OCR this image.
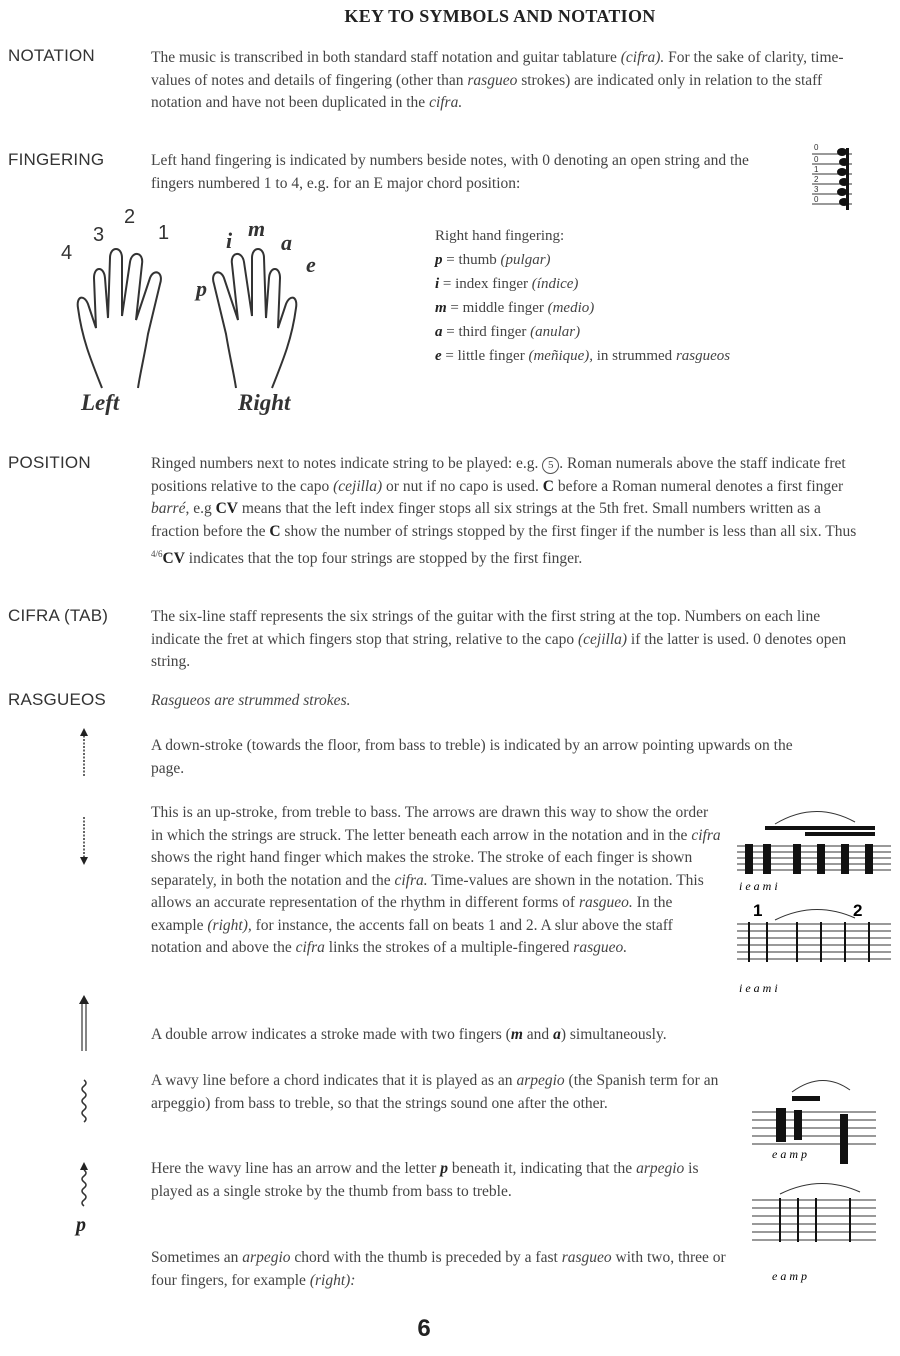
KEY TO SYMBOLS AND NOTATION
NOTATION	The music is transcribed in both standard staff notation and guitar tablature (cifra). For the sake of clarity, time-values of notes and details of fingering (other than rasgueo strokes) are indicated only in relation to the staff notation and have not been duplicated in the cifra.
FINGERING	Left hand fingering is indicated by numbers beside notes, with 0 denoting an open string and the fingers numbered 1 to 4, e.g. for an E major chord position:
0
0
1
2
3
0
4
3
2
1
p
i m
a
e
Left	Right
Right hand fingering:
p = thumb (pulgar)
i = index finger (índice)
m = middle finger (medio)
a = third finger (anular)
e = little finger (meñique), in strummed rasgueos
POSITION	Ringed numbers next to notes indicate string to be played: e.g. 5 . Roman numerals above the staff indicate fret positions relative to the capo (cejilla) or nut if no capo is used. C before a Roman numeral denotes a first finger barré, e.g CV means that the left index finger stops all six strings at the 5th fret. Small numbers written as a fraction before the C show the number of strings stopped by the first finger if the number is less than all six. Thus $^{4/6}$CV indicates that the top four strings are stopped by the first finger.
CIFRA (TAB)	The six-line staff represents the six strings of the guitar with the first string at the top. Numbers on each line indicate the fret at which fingers stop that string, relative to the capo (cejilla) if the latter is used. 0 denotes open string.
RASGUEOS	Rasgueos are strummed strokes.
A down-stroke (towards the floor, from bass to treble) is indicated by an arrow pointing upwards on the page.
This is an up-stroke, from treble to bass. The arrows are drawn this way to show the order in which the strings are struck. The letter beneath each arrow in the notation and in the cifra shows the right hand finger which makes the stroke. The stroke of each finger is shown separately, in both the notation and the cifra. Time-values are shown in the notation. This allows an accurate representation of the rhythm in different forms of rasgueo. In the example (right), for instance, the accents fall on beats 1 and 2. A slur above the staff notation and above the cifra links the strokes of a multiple-fingered rasgueo.
i e a m i
1	2
i e a m i
A double arrow indicates a stroke made with two fingers (m and a) simultaneously.
A wavy line before a chord indicates that it is played as an arpegio (the Spanish term for an arpeggio) from bass to treble, so that the strings sound one after the other.
p
Here the wavy line has an arrow and the letter p beneath it, indicating that the arpegio is played as a single stroke by the thumb from bass to treble.
e a m p
e a m p
Sometimes an arpegio chord with the thumb is preceded by a fast rasgueo with two, three or four fingers, for example (right):
6
